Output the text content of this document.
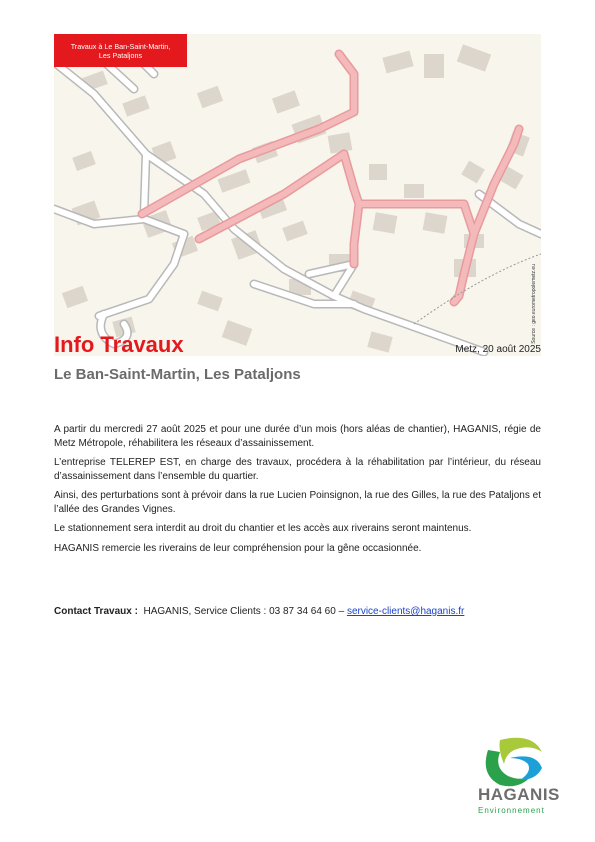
Travaux à Le Ban-Saint-Martin,
Les Pataljons
Source : geo.eurometropolemetz.eu
Info Travaux	Metz, 20 août 2025
Le Ban-Saint-Martin, Les Pataljons

A partir du mercredi 27 août 2025 et pour une durée d’un mois (hors aléas de chantier), HAGANIS, régie de Metz Métropole, réhabilitera les réseaux d’assainissement.

L’entreprise TELEREP EST, en charge des travaux, procédera à la réhabilitation par l’intérieur, du réseau d’assainissement dans l’ensemble du quartier.

Ainsi, des perturbations sont à prévoir dans la rue Lucien Poinsignon, la rue des Gilles, la rue des Pataljons et l’allée des Grandes Vignes.

Le stationnement sera interdit au droit du chantier et les accès aux riverains seront maintenus.

HAGANIS remercie les riverains de leur compréhension pour la gêne occasionnée.

Contact Travaux : HAGANIS, Service Clients : 03 87 34 64 60 – service-clients@haganis.fr
HAGANIS
Environnement
